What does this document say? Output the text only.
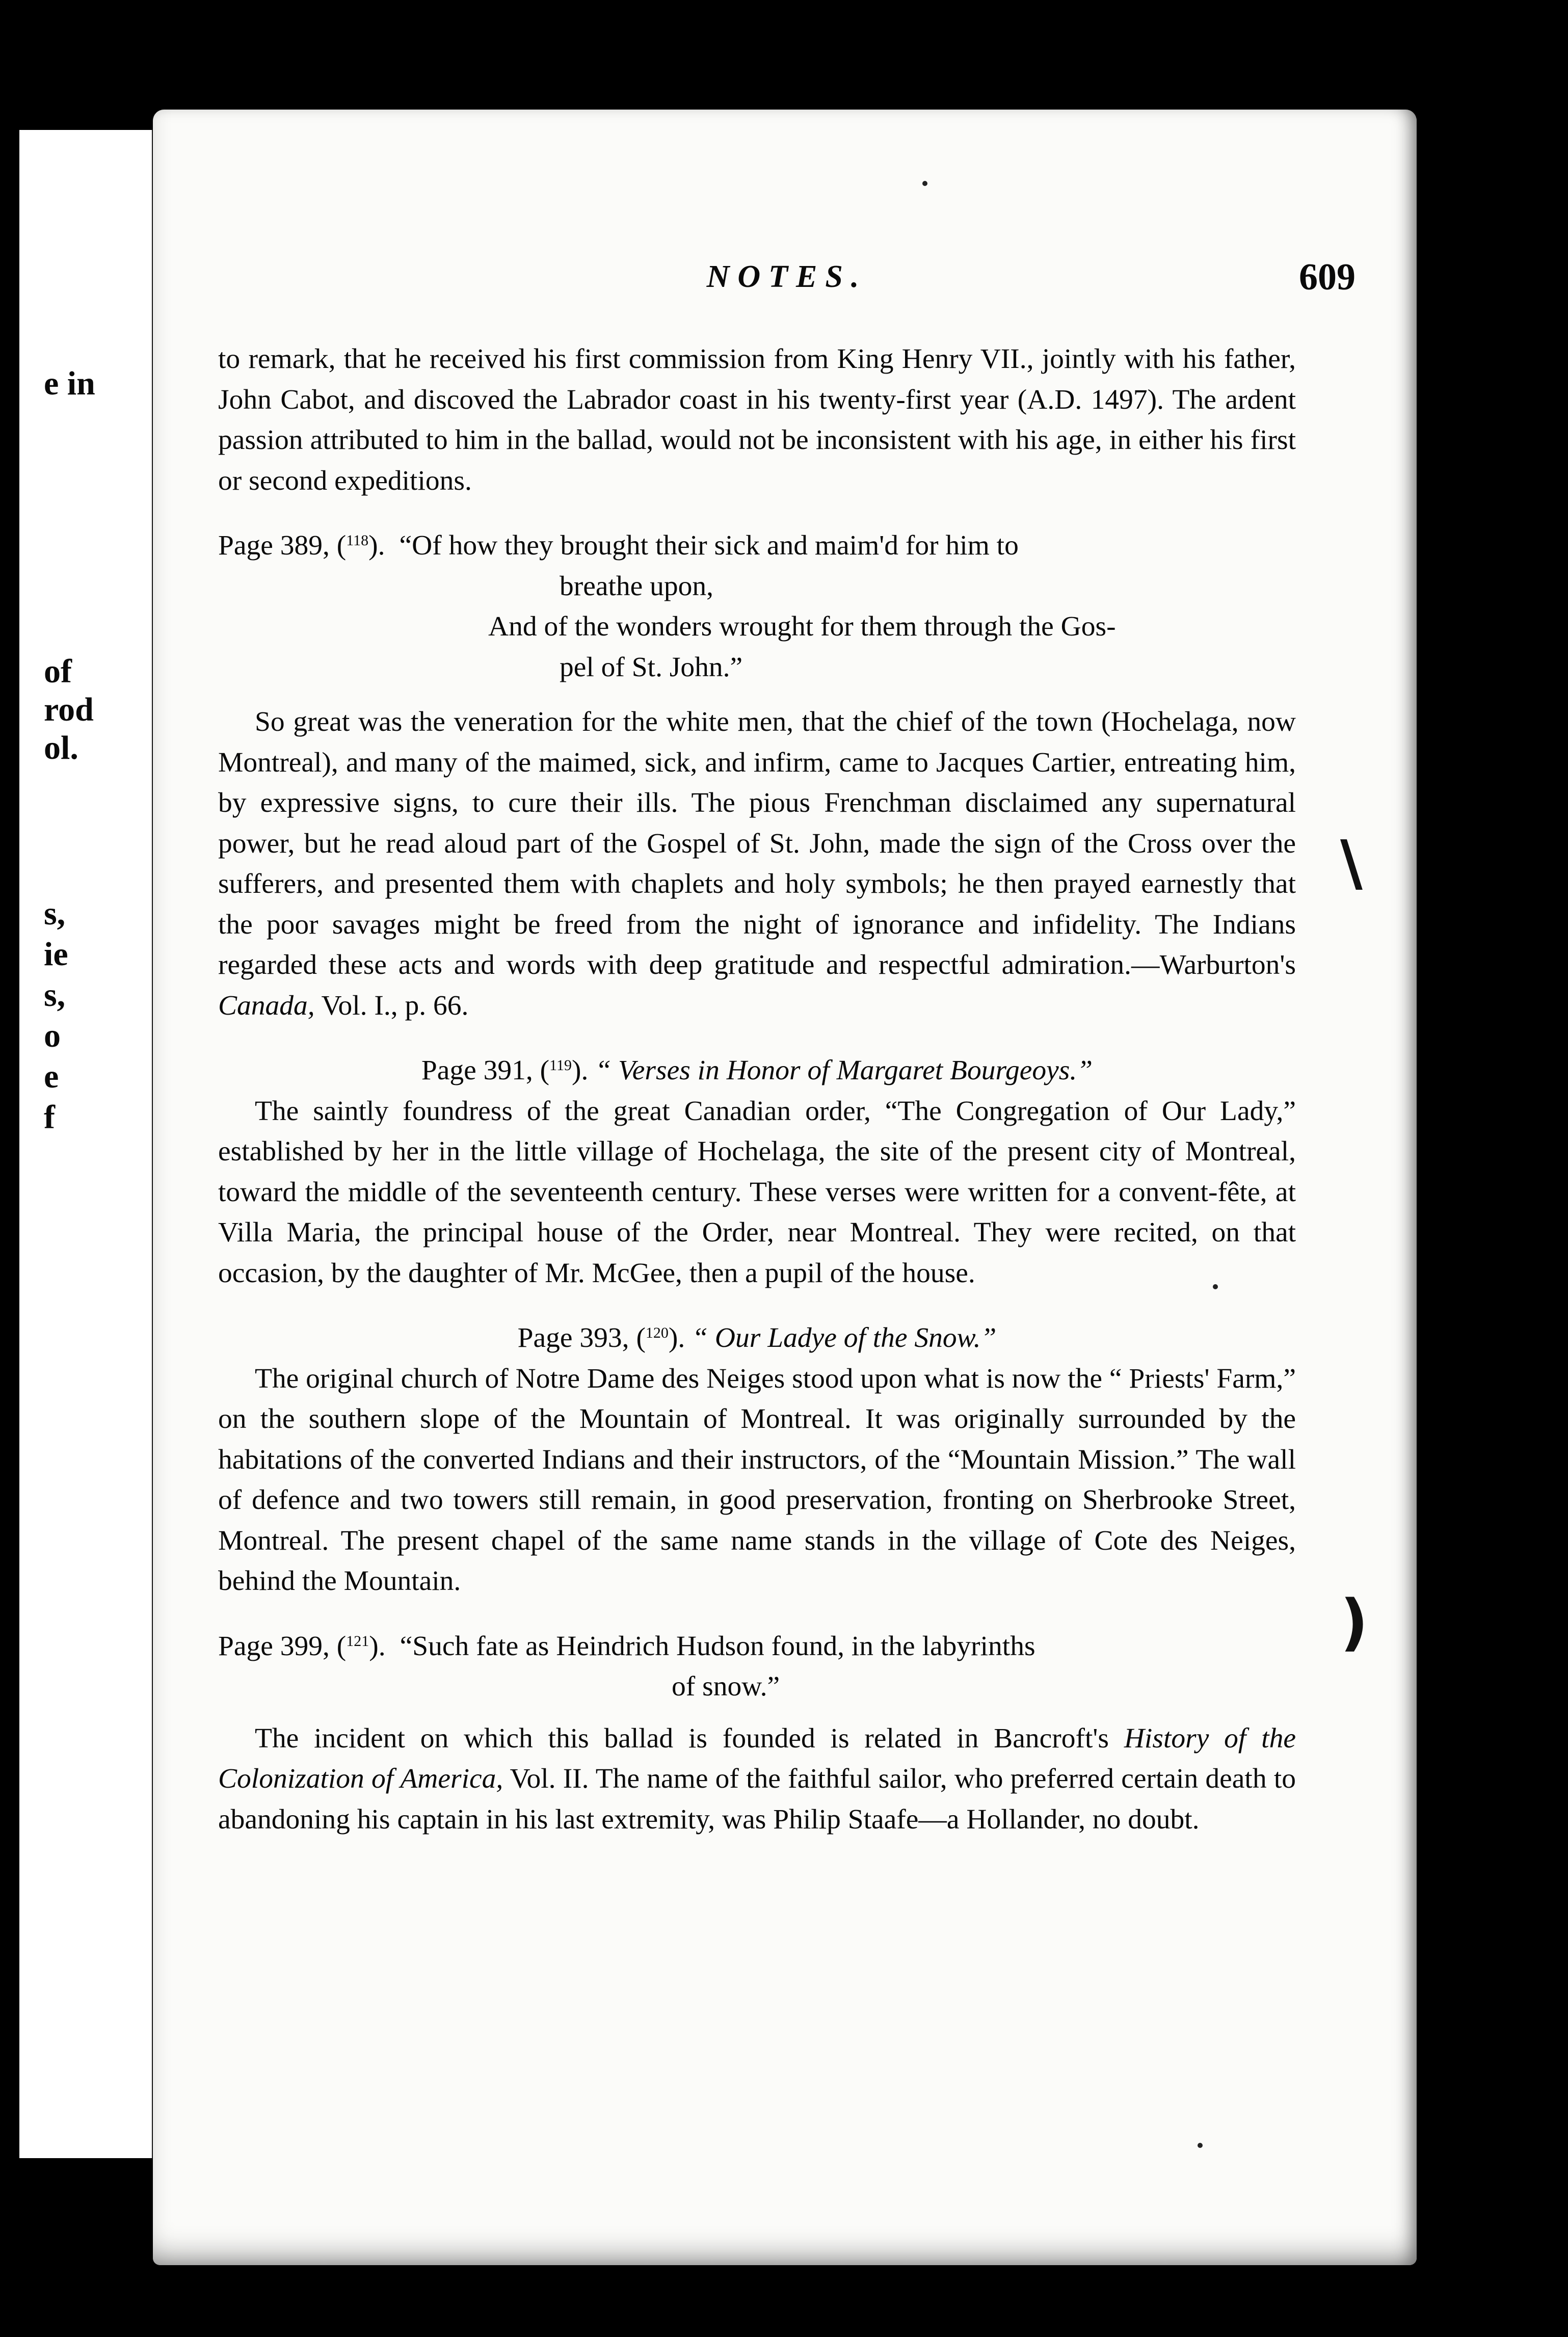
e in
of
rod
ol.
s,
ie
s,
o
e
f
NOTES.	609

to remark, that he received his first commission from King Henry VII., jointly with his father, John Cabot, and discoved the Labrador coast in his twenty-first year (A.D. 1497). The ardent passion attributed to him in the ballad, would not be inconsistent with his age, in either his first or second expeditions.

Page 389, ($^{118}$). “Of how they brought their sick and maim'd for him to
breathe upon,
And of the wonders wrought for them through the Gos-
pel of St. John.”

So great was the veneration for the white men, that the chief of the town (Hochelaga, now Montreal), and many of the maimed, sick, and infirm, came to Jacques Cartier, entreating him, by expressive signs, to cure their ills. The pious Frenchman disclaimed any supernatural power, but he read aloud part of the Gospel of St. John, made the sign of the Cross over the sufferers, and presented them with chaplets and holy symbols; he then prayed earnestly that the poor savages might be freed from the night of ignorance and infidelity. The Indians regarded these acts and words with deep gratitude and respectful admiration.—Warburton's Canada, Vol. I., p. 66.

Page 391, ($^{119}$). “ Verses in Honor of Margaret Bourgeoys.”

The saintly foundress of the great Canadian order, “The Congregation of Our Lady,” established by her in the little village of Hochelaga, the site of the present city of Montreal, toward the middle of the seventeenth century. These verses were written for a convent-fête, at Villa Maria, the principal house of the Order, near Montreal. They were recited, on that occasion, by the daughter of Mr. McGee, then a pupil of the house.

Page 393, ($^{120}$). “ Our Ladye of the Snow.”

The original church of Notre Dame des Neiges stood upon what is now the “ Priests' Farm,” on the southern slope of the Mountain of Montreal. It was originally surrounded by the habitations of the converted Indians and their instructors, of the “Mountain Mission.” The wall of defence and two towers still remain, in good preservation, fronting on Sherbrooke Street, Montreal. The present chapel of the same name stands in the village of Cote des Neiges, behind the Mountain.

Page 399, ($^{121}$). “Such fate as Heindrich Hudson found, in the labyrinths
of snow.”

The incident on which this ballad is founded is related in Bancroft's History of the Colonization of America, Vol. II. The name of the faithful sailor, who preferred certain death to abandoning his captain in his last extremity, was Philip Staafe—a Hollander, no doubt.

\
)
